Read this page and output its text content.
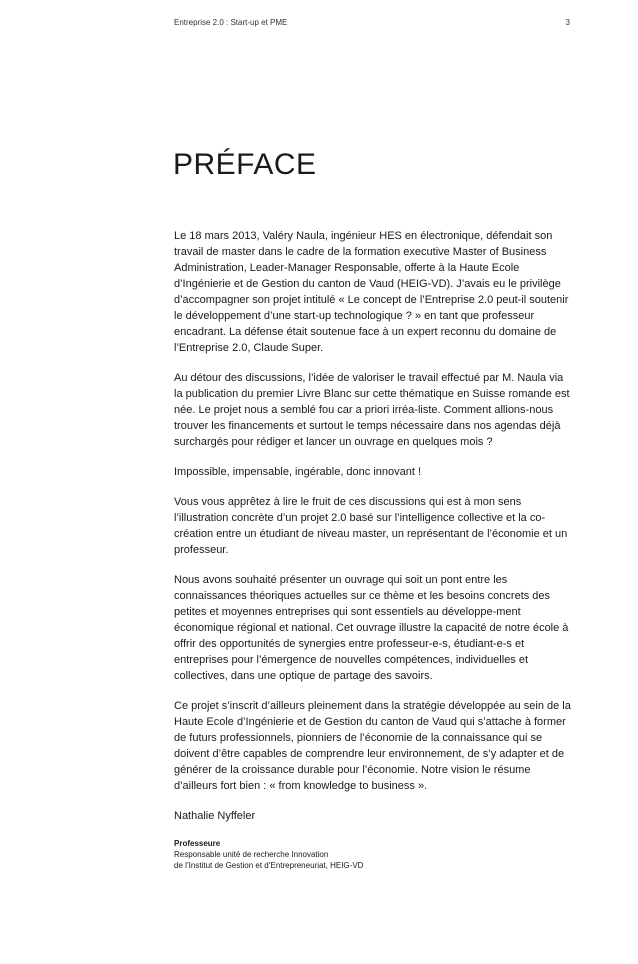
Entreprise 2.0 : Start-up et PME	3
PRÉFACE

Le 18 mars 2013, Valéry Naula, ingénieur HES en électronique, défendait son travail de master dans le cadre de la formation executive Master of Business Administration, Leader-Manager Responsable, offerte à la Haute Ecole d’Ingénierie et de Gestion du canton de Vaud (HEIG-VD). J’avais eu le privilège d’accompagner son projet intitulé « Le concept de l’Entreprise 2.0 peut-il soutenir le développement d’une start-up technologique ? » en tant que professeur encadrant. La défense était soutenue face à un expert reconnu du domaine de l’Entreprise 2.0, Claude Super.

Au détour des discussions, l’idée de valoriser le travail effectué par M. Naula via la publication du premier Livre Blanc sur cette thématique en Suisse romande est née. Le projet nous a semblé fou car a priori irréa-liste. Comment allions-nous trouver les financements et surtout le temps nécessaire dans nos agendas déjà surchargés pour rédiger et lancer un ouvrage en quelques mois ?

Impossible, impensable, ingérable, donc innovant !

Vous vous apprêtez à lire le fruit de ces discussions qui est à mon sens l’illustration concrète d’un projet 2.0 basé sur l’intelligence collective et la co-création entre un étudiant de niveau master, un représentant de l’économie et un professeur.

Nous avons souhaité présenter un ouvrage qui soit un pont entre les connaissances théoriques actuelles sur ce thème et les besoins concrets des petites et moyennes entreprises qui sont essentiels au développe-ment économique régional et national. Cet ouvrage illustre la capacité de notre école à offrir des opportunités de synergies entre professeur-e-s, étudiant-e-s et entreprises pour l’émergence de nouvelles compétences, individuelles et collectives, dans une optique de partage des savoirs.

Ce projet s’inscrit d’ailleurs pleinement dans la stratégie développée au sein de la Haute Ecole d’Ingénierie et de Gestion du canton de Vaud qui s’attache à former de futurs professionnels, pionniers de l’économie de la connaissance qui se doivent d’être capables de comprendre leur environnement, de s’y adapter et de générer de la croissance durable pour l’économie. Notre vision le résume d’ailleurs fort bien : « from knowledge to business ».

Nathalie Nyffeler
Professeure
Responsable unité de recherche Innovation
de l’Institut de Gestion et d’Entrepreneuriat, HEIG-VD
